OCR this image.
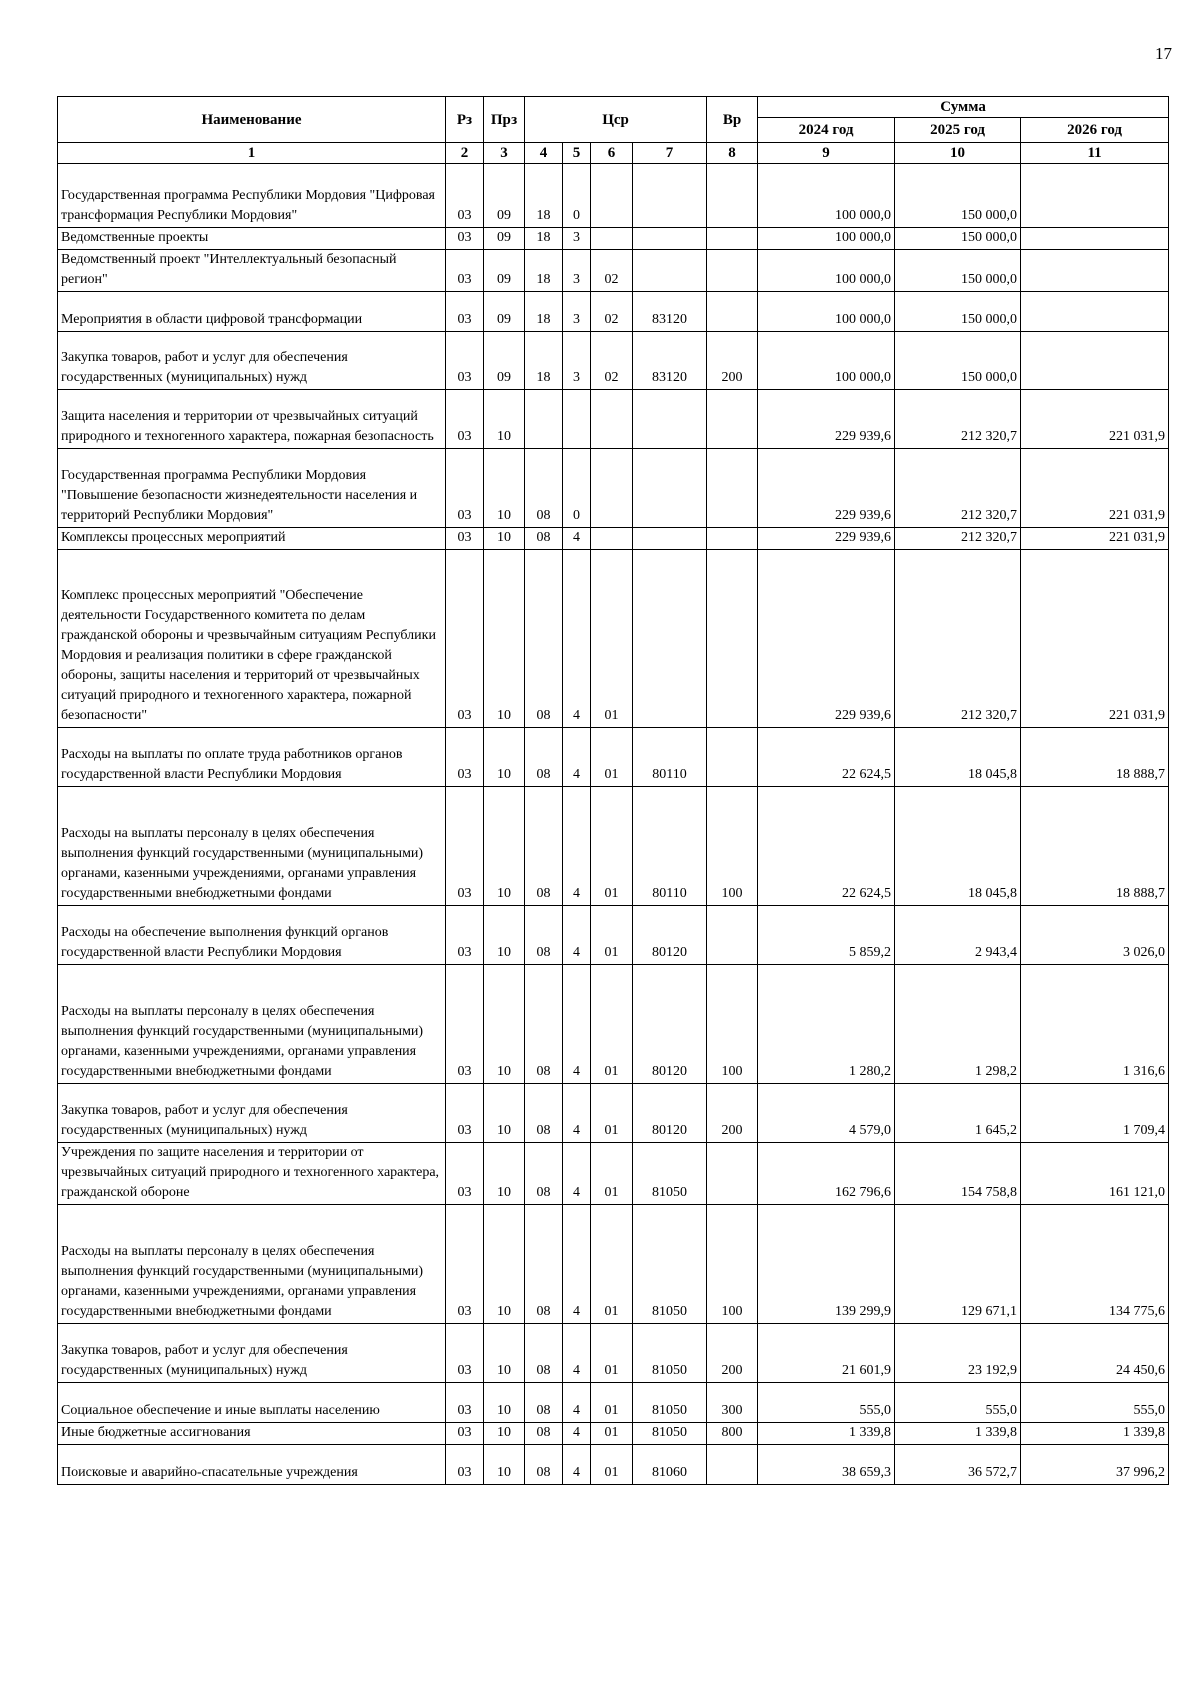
17
Наименование	Рз	Прз	Цср				Вр	Сумма		
								2024 год	2025 год	2026 год
1	2	3	4	5	6	7	8	9	10	11
Государственная программа Республики Мордовия "Цифровая трансформация Республики Мордовия"	03	09	18	0				100 000,0	150 000,0	
Ведомственные проекты	03	09	18	3				100 000,0	150 000,0	
Ведомственный проект "Интеллектуальный безопасный регион"	03	09	18	3	02			100 000,0	150 000,0	
Мероприятия в области цифровой трансформации	03	09	18	3	02	83120		100 000,0	150 000,0	
Закупка товаров, работ и услуг для обеспечения государственных (муниципальных) нужд	03	09	18	3	02	83120	200	100 000,0	150 000,0	
Защита населения и территории от чрезвычайных ситуаций природного и техногенного характера, пожарная безопасность	03	10						229 939,6	212 320,7	221 031,9
Государственная программа Республики Мордовия "Повышение безопасности жизнедеятельности населения и территорий Республики Мордовия"	03	10	08	0				229 939,6	212 320,7	221 031,9
Комплексы процессных мероприятий	03	10	08	4				229 939,6	212 320,7	221 031,9
Комплекс процессных мероприятий "Обеспечение деятельности Государственного комитета по делам гражданской обороны и чрезвычайным ситуациям Республики Мордовия и реализация политики в сфере гражданской обороны, защиты населения и территорий от чрезвычайных ситуаций природного и техногенного характера, пожарной безопасности"	03	10	08	4	01			229 939,6	212 320,7	221 031,9
Расходы на выплаты по оплате труда работников органов государственной власти Республики Мордовия	03	10	08	4	01	80110		22 624,5	18 045,8	18 888,7
Расходы на выплаты персоналу в целях обеспечения выполнения функций государственными (муниципальными) органами, казенными учреждениями, органами управления государственными внебюджетными фондами	03	10	08	4	01	80110	100	22 624,5	18 045,8	18 888,7
Расходы на обеспечение выполнения функций органов государственной власти Республики Мордовия	03	10	08	4	01	80120		5 859,2	2 943,4	3 026,0
Расходы на выплаты персоналу в целях обеспечения выполнения функций государственными (муниципальными) органами, казенными учреждениями, органами управления государственными внебюджетными фондами	03	10	08	4	01	80120	100	1 280,2	1 298,2	1 316,6
Закупка товаров, работ и услуг для обеспечения государственных (муниципальных) нужд	03	10	08	4	01	80120	200	4 579,0	1 645,2	1 709,4
Учреждения по защите населения и территории от чрезвычайных ситуаций природного и техногенного характера, гражданской обороне	03	10	08	4	01	81050		162 796,6	154 758,8	161 121,0
Расходы на выплаты персоналу в целях обеспечения выполнения функций государственными (муниципальными) органами, казенными учреждениями, органами управления государственными внебюджетными фондами	03	10	08	4	01	81050	100	139 299,9	129 671,1	134 775,6
Закупка товаров, работ и услуг для обеспечения государственных (муниципальных) нужд	03	10	08	4	01	81050	200	21 601,9	23 192,9	24 450,6
Социальное обеспечение и иные выплаты населению	03	10	08	4	01	81050	300	555,0	555,0	555,0
Иные бюджетные ассигнования	03	10	08	4	01	81050	800	1 339,8	1 339,8	1 339,8
Поисковые и аварийно-спасательные учреждения	03	10	08	4	01	81060		38 659,3	36 572,7	37 996,2
